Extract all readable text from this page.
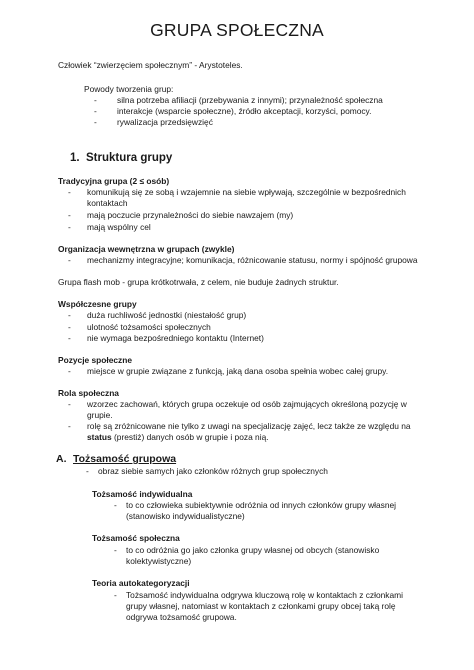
GRUPA SPOŁECZNA
Człowiek “zwierzęciem społecznym” - Arystoteles.
Powody tworzenia grup:
- silna potrzeba afiliacji (przebywania z innymi); przynależność społeczna
- interakcje (wsparcie społeczne), źródło akceptacji, korzyści, pomocy.
- rywalizacja przedsięwzięć
1. Struktura grupy
Tradycyjna grupa (2 ≤ osób)
- komunikują się ze sobą i wzajemnie na siebie wpływają, szczególnie w bezpośrednich
kontaktach
- mają poczucie przynależności do siebie nawzajem (my)
- mają wspólny cel
Organizacja wewnętrzna w grupach (zwykle)
- mechanizmy integracyjne; komunikacja, różnicowanie statusu, normy i spójność grupowa
Grupa flash mob - grupa krótkotrwała, z celem, nie buduje żadnych struktur.
Współczesne grupy
- duża ruchliwość jednostki (niestałość grup)
- ulotność tożsamości społecznych
- nie wymaga bezpośredniego kontaktu (Internet)
Pozycje społeczne
- miejsce w grupie związane z funkcją, jaką dana osoba spełnia wobec całej grupy.
Rola społeczna
- wzorzec zachowań, których grupa oczekuje od osób zajmujących określoną pozycję w
grupie.
- rolę są zróżnicowane nie tylko z uwagi na specjalizację zajęć, lecz także ze względu na
status (prestiż) danych osób w grupie i poza nią.
A. Tożsamość grupowa
- obraz siebie samych jako członków różnych grup społecznych
Tożsamość indywidualna
- to co człowieka subiektywnie odróżnia od innych członków grupy własnej
(stanowisko indywidualistyczne)
Tożsamość społeczna
- to co odróżnia go jako członka grupy własnej od obcych (stanowisko
kolektywistyczne)
Teoria autokategoryzacji
- Tożsamość indywidualna odgrywa kluczową rolę w kontaktach z członkami
grupy własnej, natomiast w kontaktach z członkami grupy obcej taką rolę
odgrywa tożsamość grupowa.
